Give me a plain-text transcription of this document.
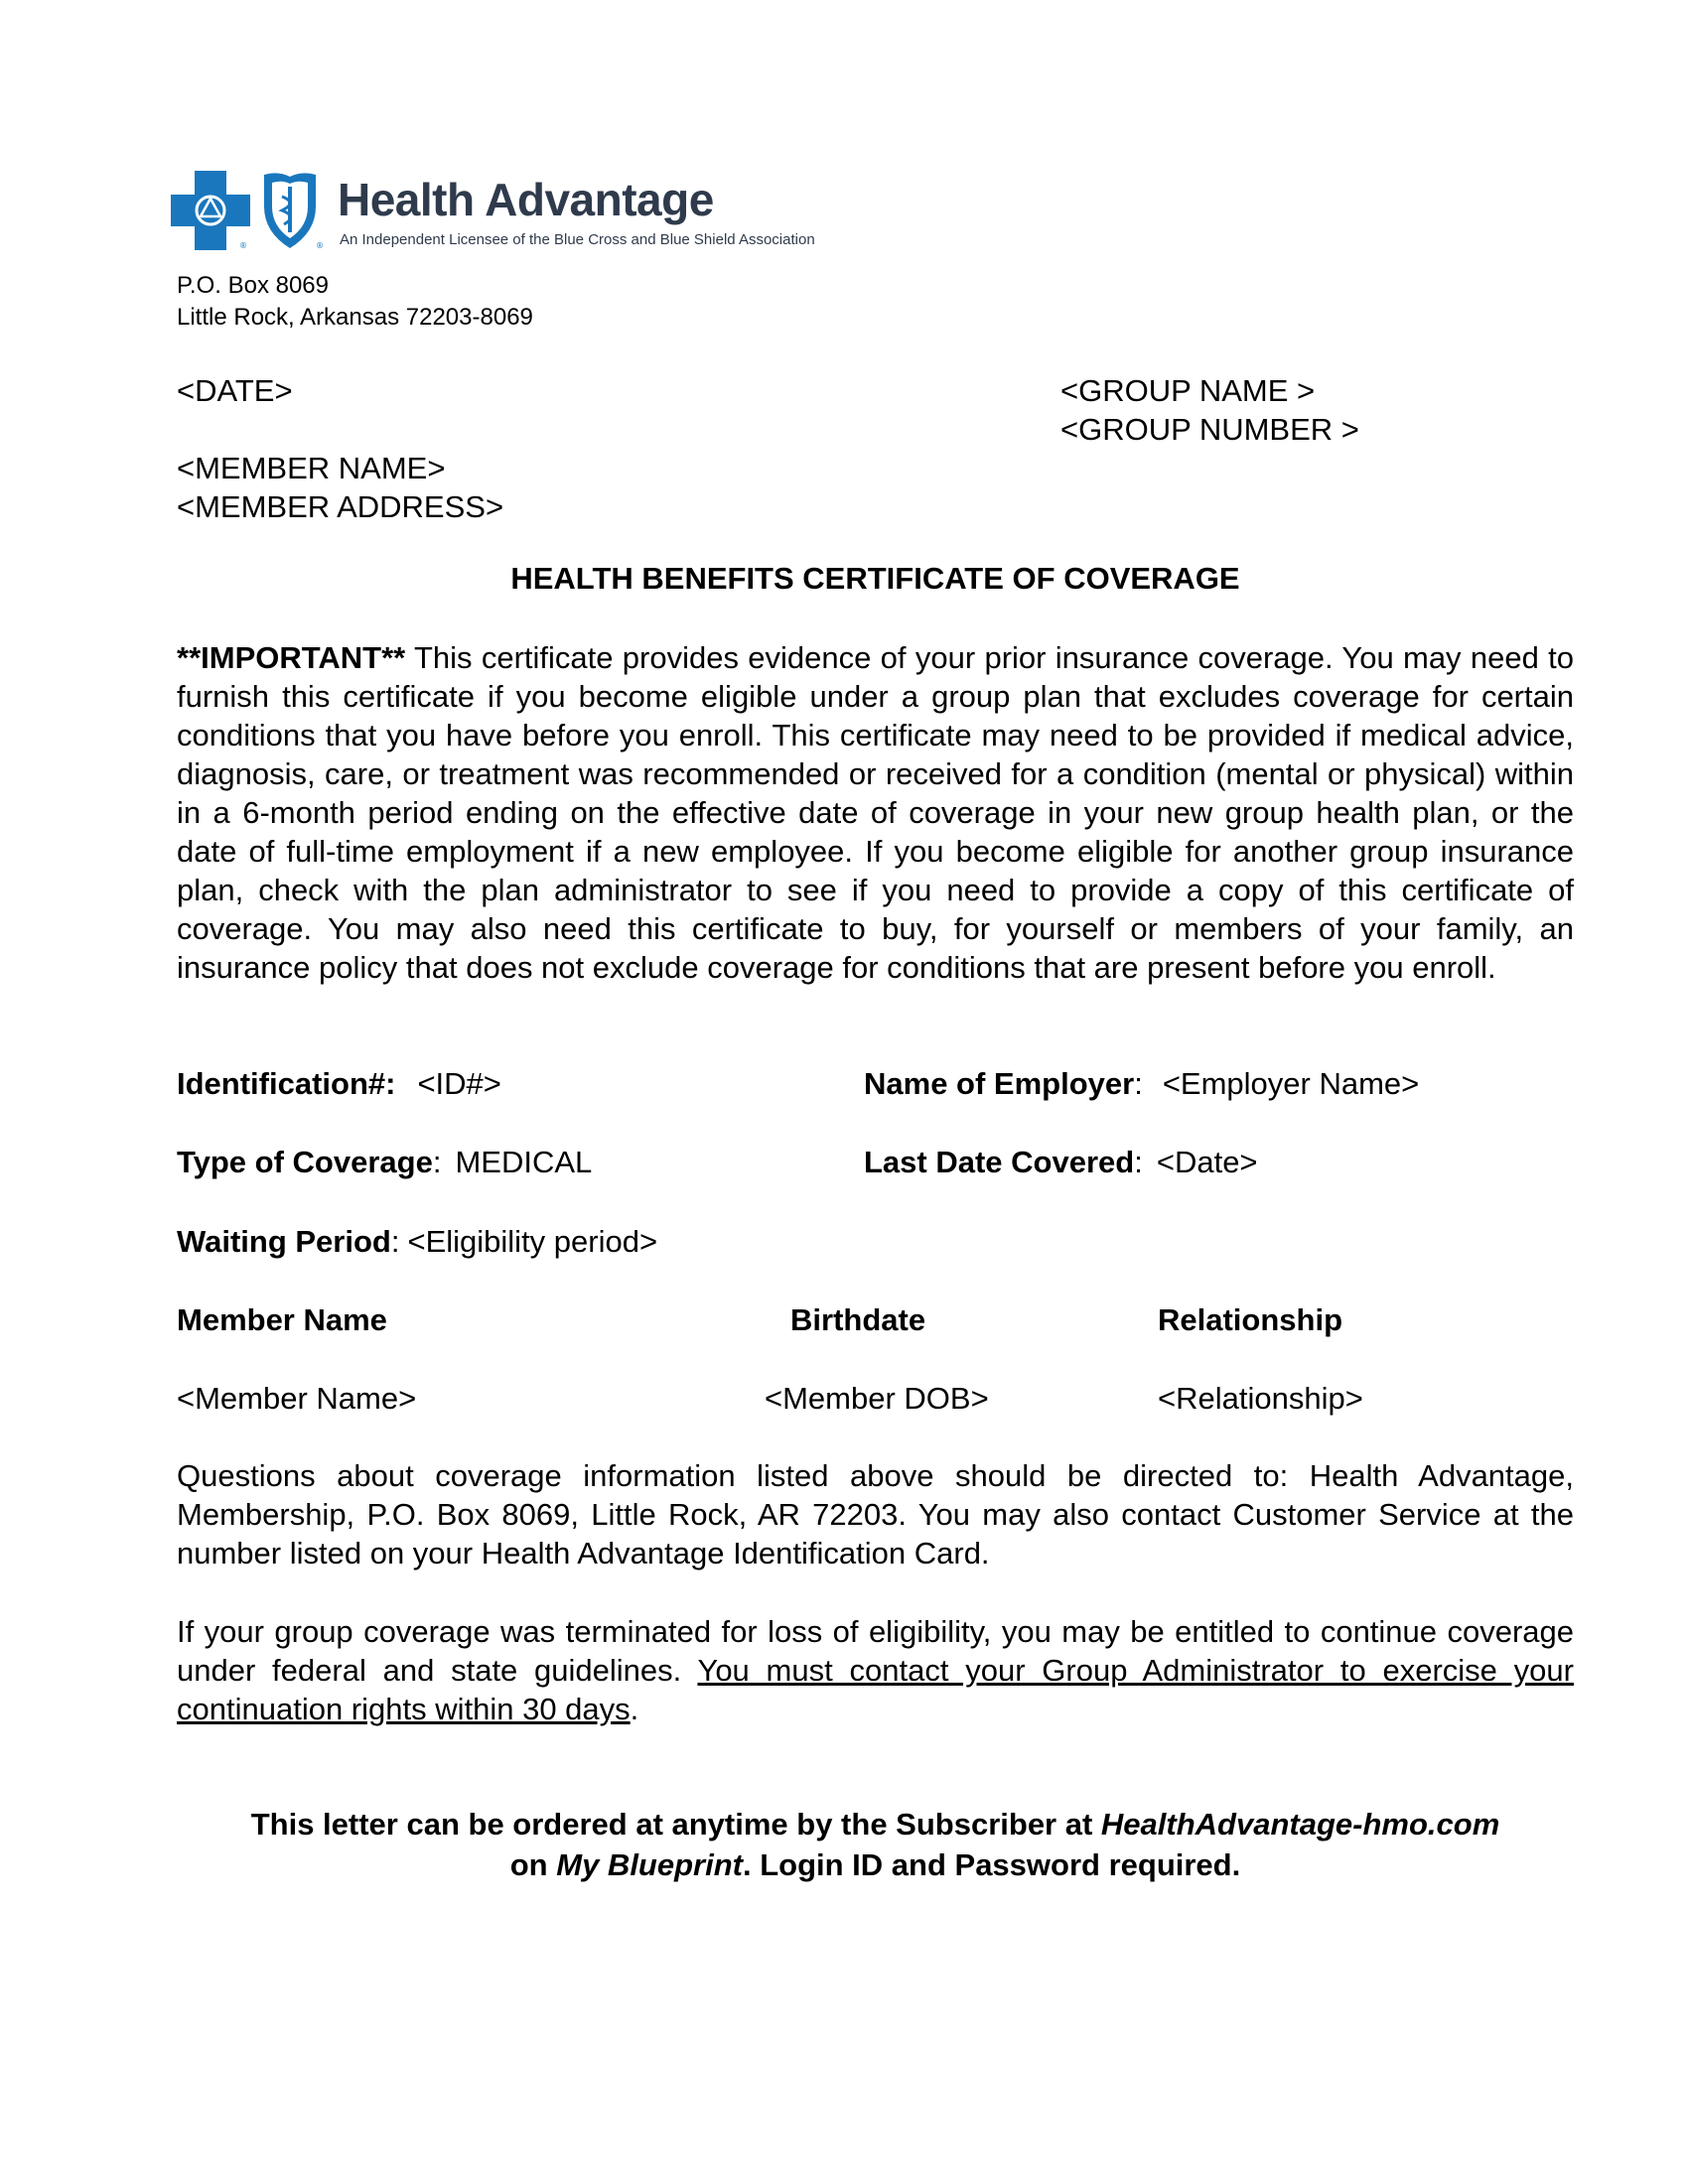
®	®
Health Advantage
An Independent Licensee of the Blue Cross and Blue Shield Association
P.O. Box 8069
Little Rock, Arkansas 72203-8069
<DATE>	<GROUP NAME >
<GROUP NUMBER >
<MEMBER NAME>
<MEMBER ADDRESS>
HEALTH BENEFITS CERTIFICATE OF COVERAGE
**IMPORTANT** This certificate provides evidence of your prior insurance coverage. You may need to furnish this certificate if you become eligible under a group plan that excludes coverage for certain conditions that you have before you enroll. This certificate may need to be provided if medical advice, diagnosis, care, or treatment was recommended or received for a condition (mental or physical) within in a 6-month period ending on the effective date of coverage in your new group health plan, or the date of full-time employment if a new employee. If you become eligible for another group insurance plan, check with the plan administrator to see if you need to provide a copy of this certificate of coverage. You may also need this certificate to buy, for yourself or members of your family, an insurance policy that does not exclude coverage for conditions that are present before you enroll.
Identification#: <ID#>	Name of Employer: <Employer Name>
Type of Coverage: MEDICAL	Last Date Covered: <Date>
Waiting Period: <Eligibility period>
Member Name	Birthdate	Relationship
<Member Name>	<Member DOB>	<Relationship>
Questions about coverage information listed above should be directed to: Health Advantage, Membership, P.O. Box 8069, Little Rock, AR 72203. You may also contact Customer Service at the number listed on your Health Advantage Identification Card.
If your group coverage was terminated for loss of eligibility, you may be entitled to continue coverage under federal and state guidelines. You must contact your Group Administrator to exercise your continuation rights within 30 days.
This letter can be ordered at anytime by the Subscriber at HealthAdvantage-hmo.com
on My Blueprint. Login ID and Password required.
